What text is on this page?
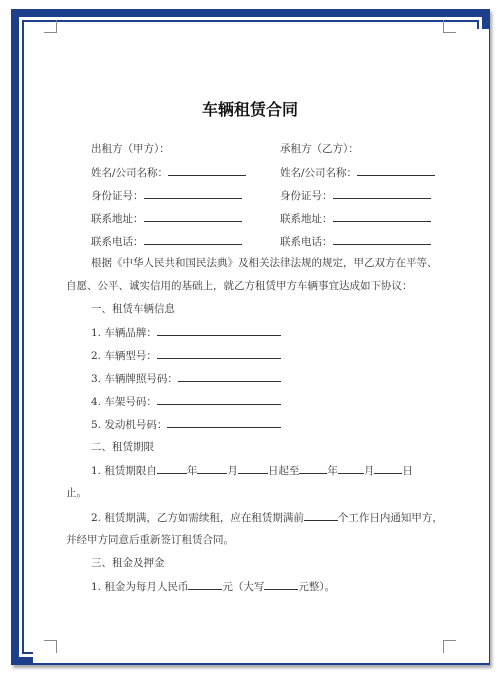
车辆租赁合同
出租方（甲方）：	承租方（乙方）：
姓名/公司名称：	姓名/公司名称：
身份证号：	身份证号：
联系地址：	联系地址：
联系电话：	联系电话：
根据《中华人民共和国民法典》及相关法律法规的规定，甲乙双方在平等、
自愿、公平、诚实信用的基础上，就乙方租赁甲方车辆事宜达成如下协议：
一、租赁车辆信息
1. 车辆品牌：
2. 车辆型号：
3. 车辆牌照号码：
4. 车架号码：
5. 发动机号码：
二、租赁期限
1. 租赁期限自	年	月	日起至	年 月	日
止。
2. 租赁期满，乙方如需续租，应在租赁期满前	个工作日内通知甲方，
并经甲方同意后重新签订租赁合同。
三、租金及押金
1. 租金为每月人民币	元（大写	元整）。
